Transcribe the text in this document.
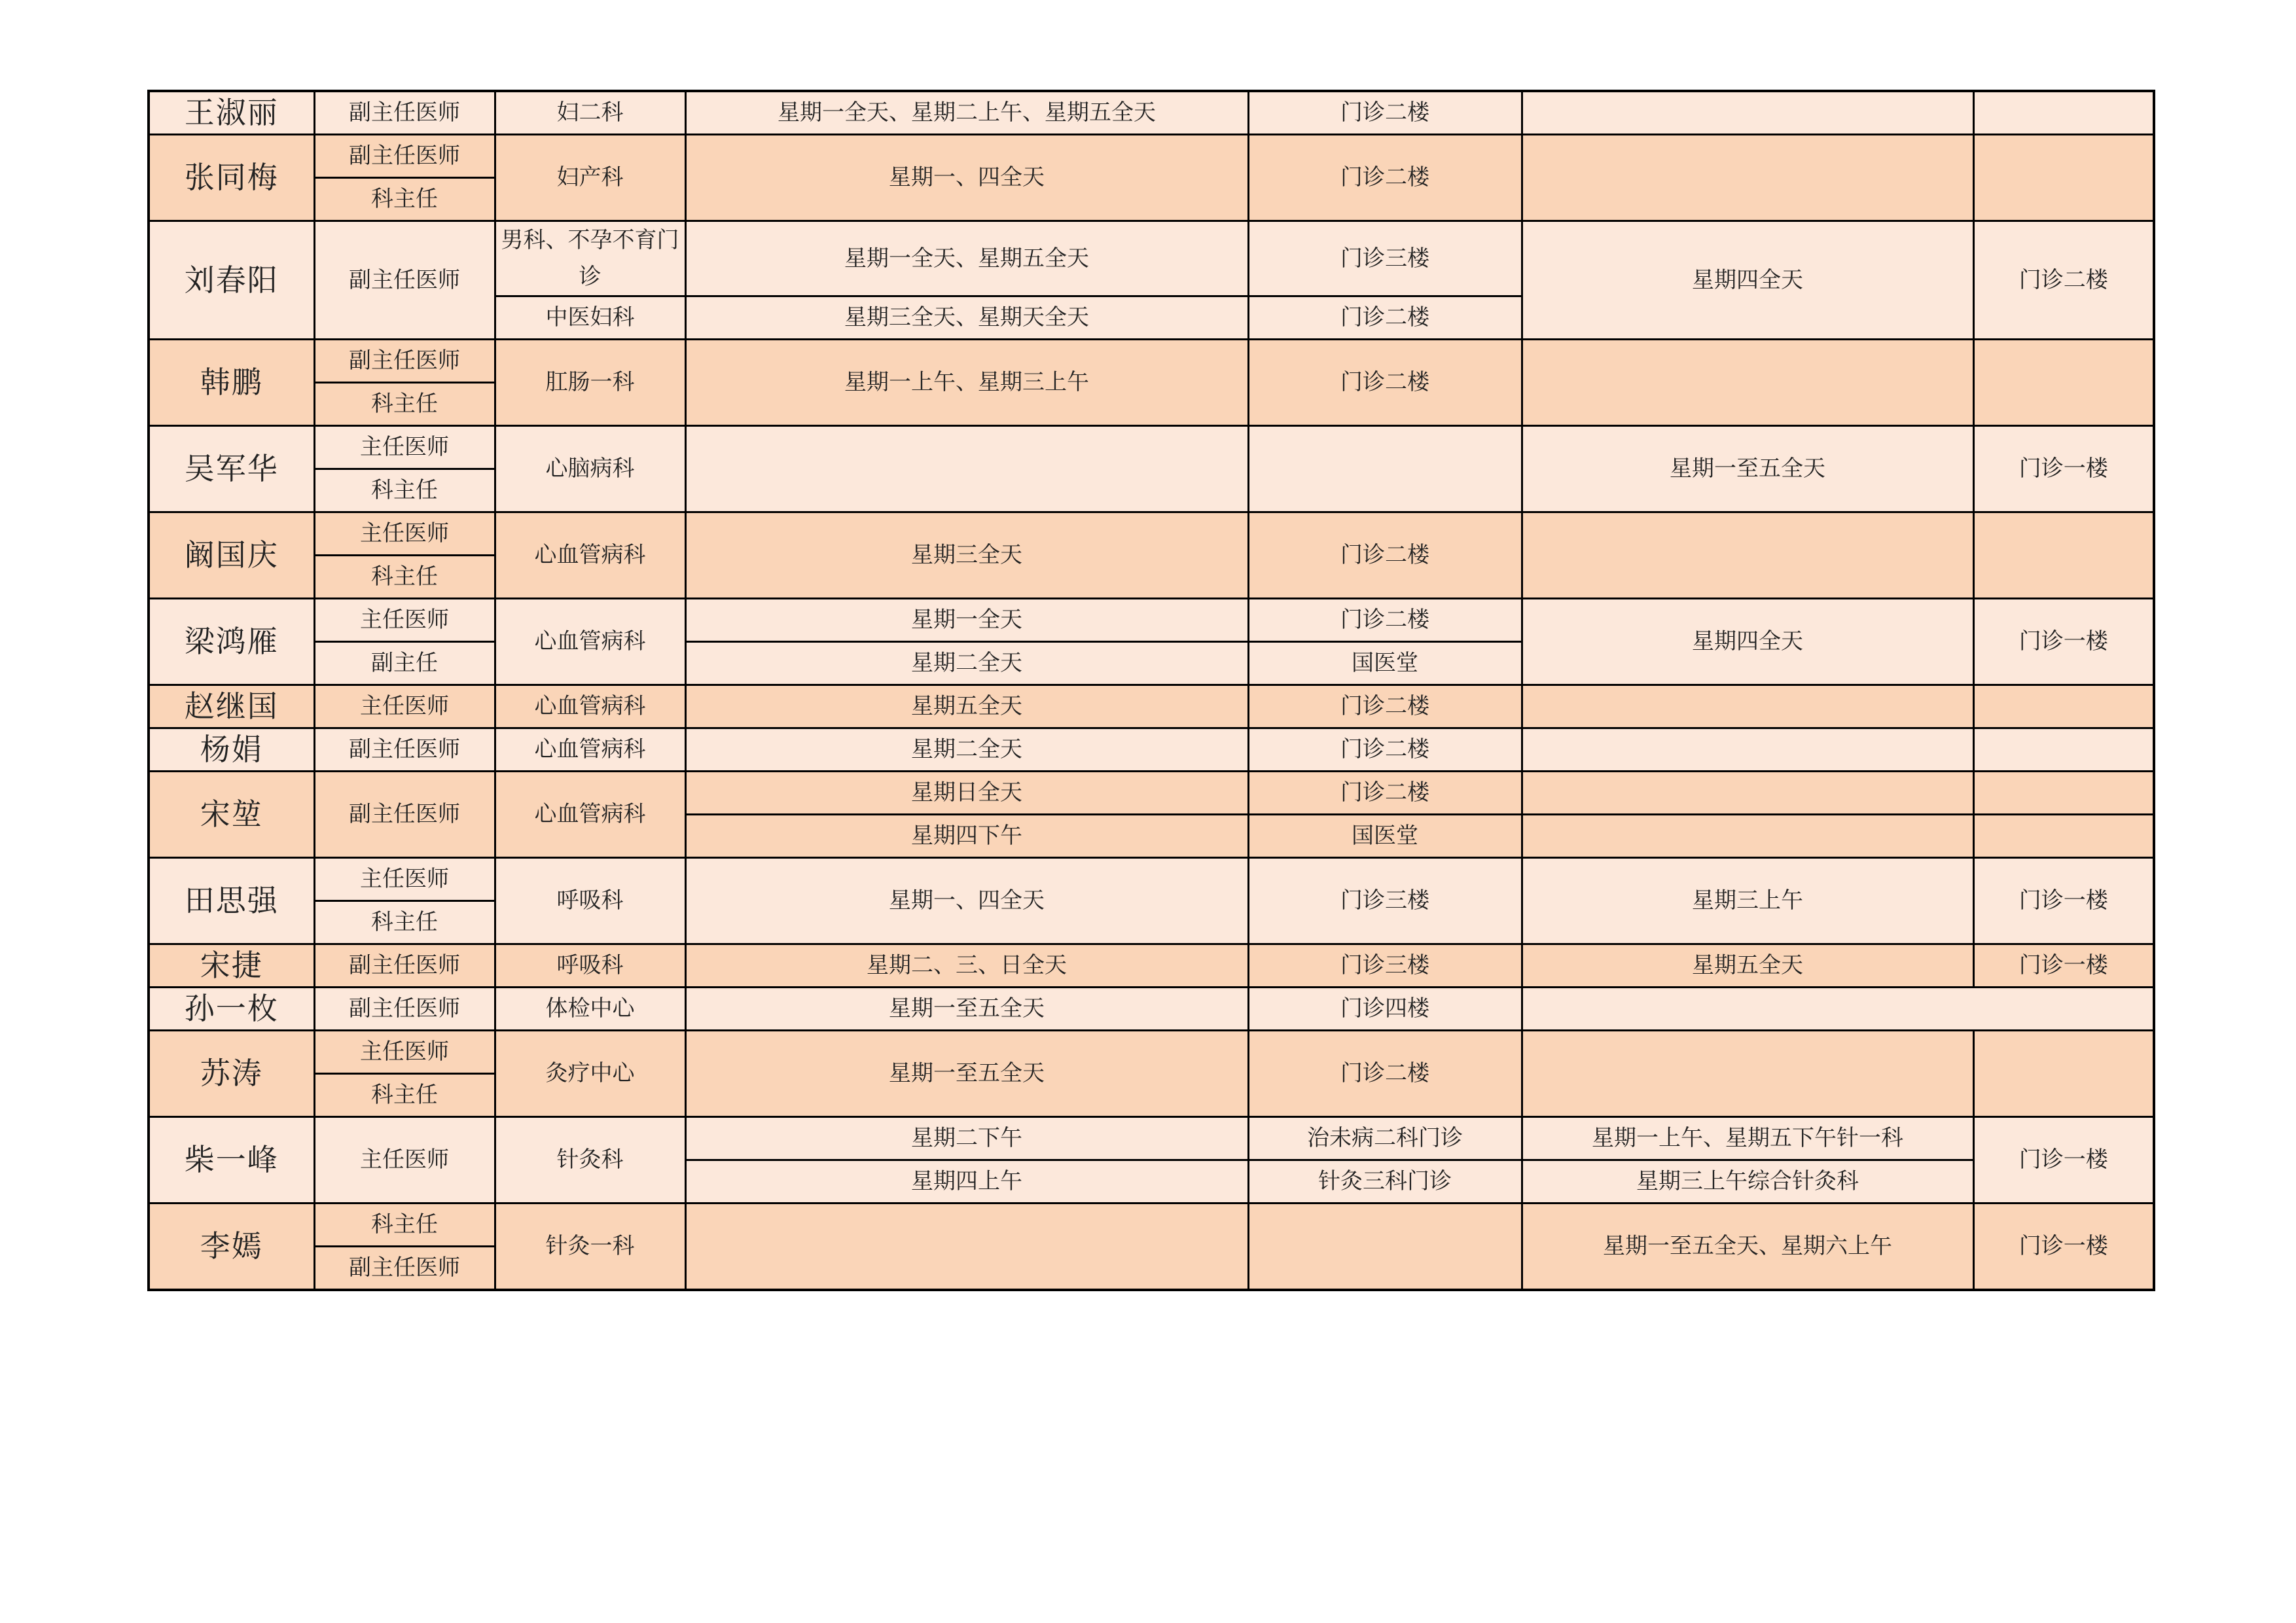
王淑丽	副主任医师	妇二科	星期一全天、星期二上午、星期五全天	门诊二楼		

张同梅	副主任医师	妇产科	星期一、四全天	门诊二楼		
	科主任					
刘春阳	副主任医师	男科、不孕不育门诊	星期一全天、星期五全天	门诊三楼	星期四全天	门诊二楼
		中医妇科	星期三全天、星期天全天	门诊二楼		
韩鹏	副主任医师	肛肠一科	星期一上午、星期三上午	门诊二楼		
	科主任					
吴军华	主任医师	心脑病科			星期一至五全天	门诊一楼
	科主任					
阚国庆	主任医师	心血管病科	星期三全天	门诊二楼		
	科主任					
梁鸿雁	主任医师	心血管病科	星期一全天	门诊二楼	星期四全天	门诊一楼
	副主任		星期二全天	国医堂		
赵继国	主任医师	心血管病科	星期五全天	门诊二楼		

杨娟	副主任医师	心血管病科	星期二全天	门诊二楼		

宋堃	副主任医师	心血管病科	星期日全天	门诊二楼		
			星期四下午	国医堂		
田思强	主任医师	呼吸科	星期一、四全天	门诊三楼	星期三上午	门诊一楼
	科主任					
宋捷	副主任医师	呼吸科	星期二、三、日全天	门诊三楼	星期五全天	门诊一楼

孙一枚	副主任医师	体检中心	星期一至五全天	门诊四楼		

苏涛	主任医师	灸疗中心	星期一至五全天	门诊二楼		
	科主任					
柴一峰	主任医师	针灸科	星期二下午	治未病二科门诊	星期一上午、星期五下午针一科	门诊一楼
			星期四上午	针灸三科门诊	星期三上午综合针灸科	
李嫣	科主任	针灸一科			星期一至五全天、星期六上午	门诊一楼
	副主任医师					
